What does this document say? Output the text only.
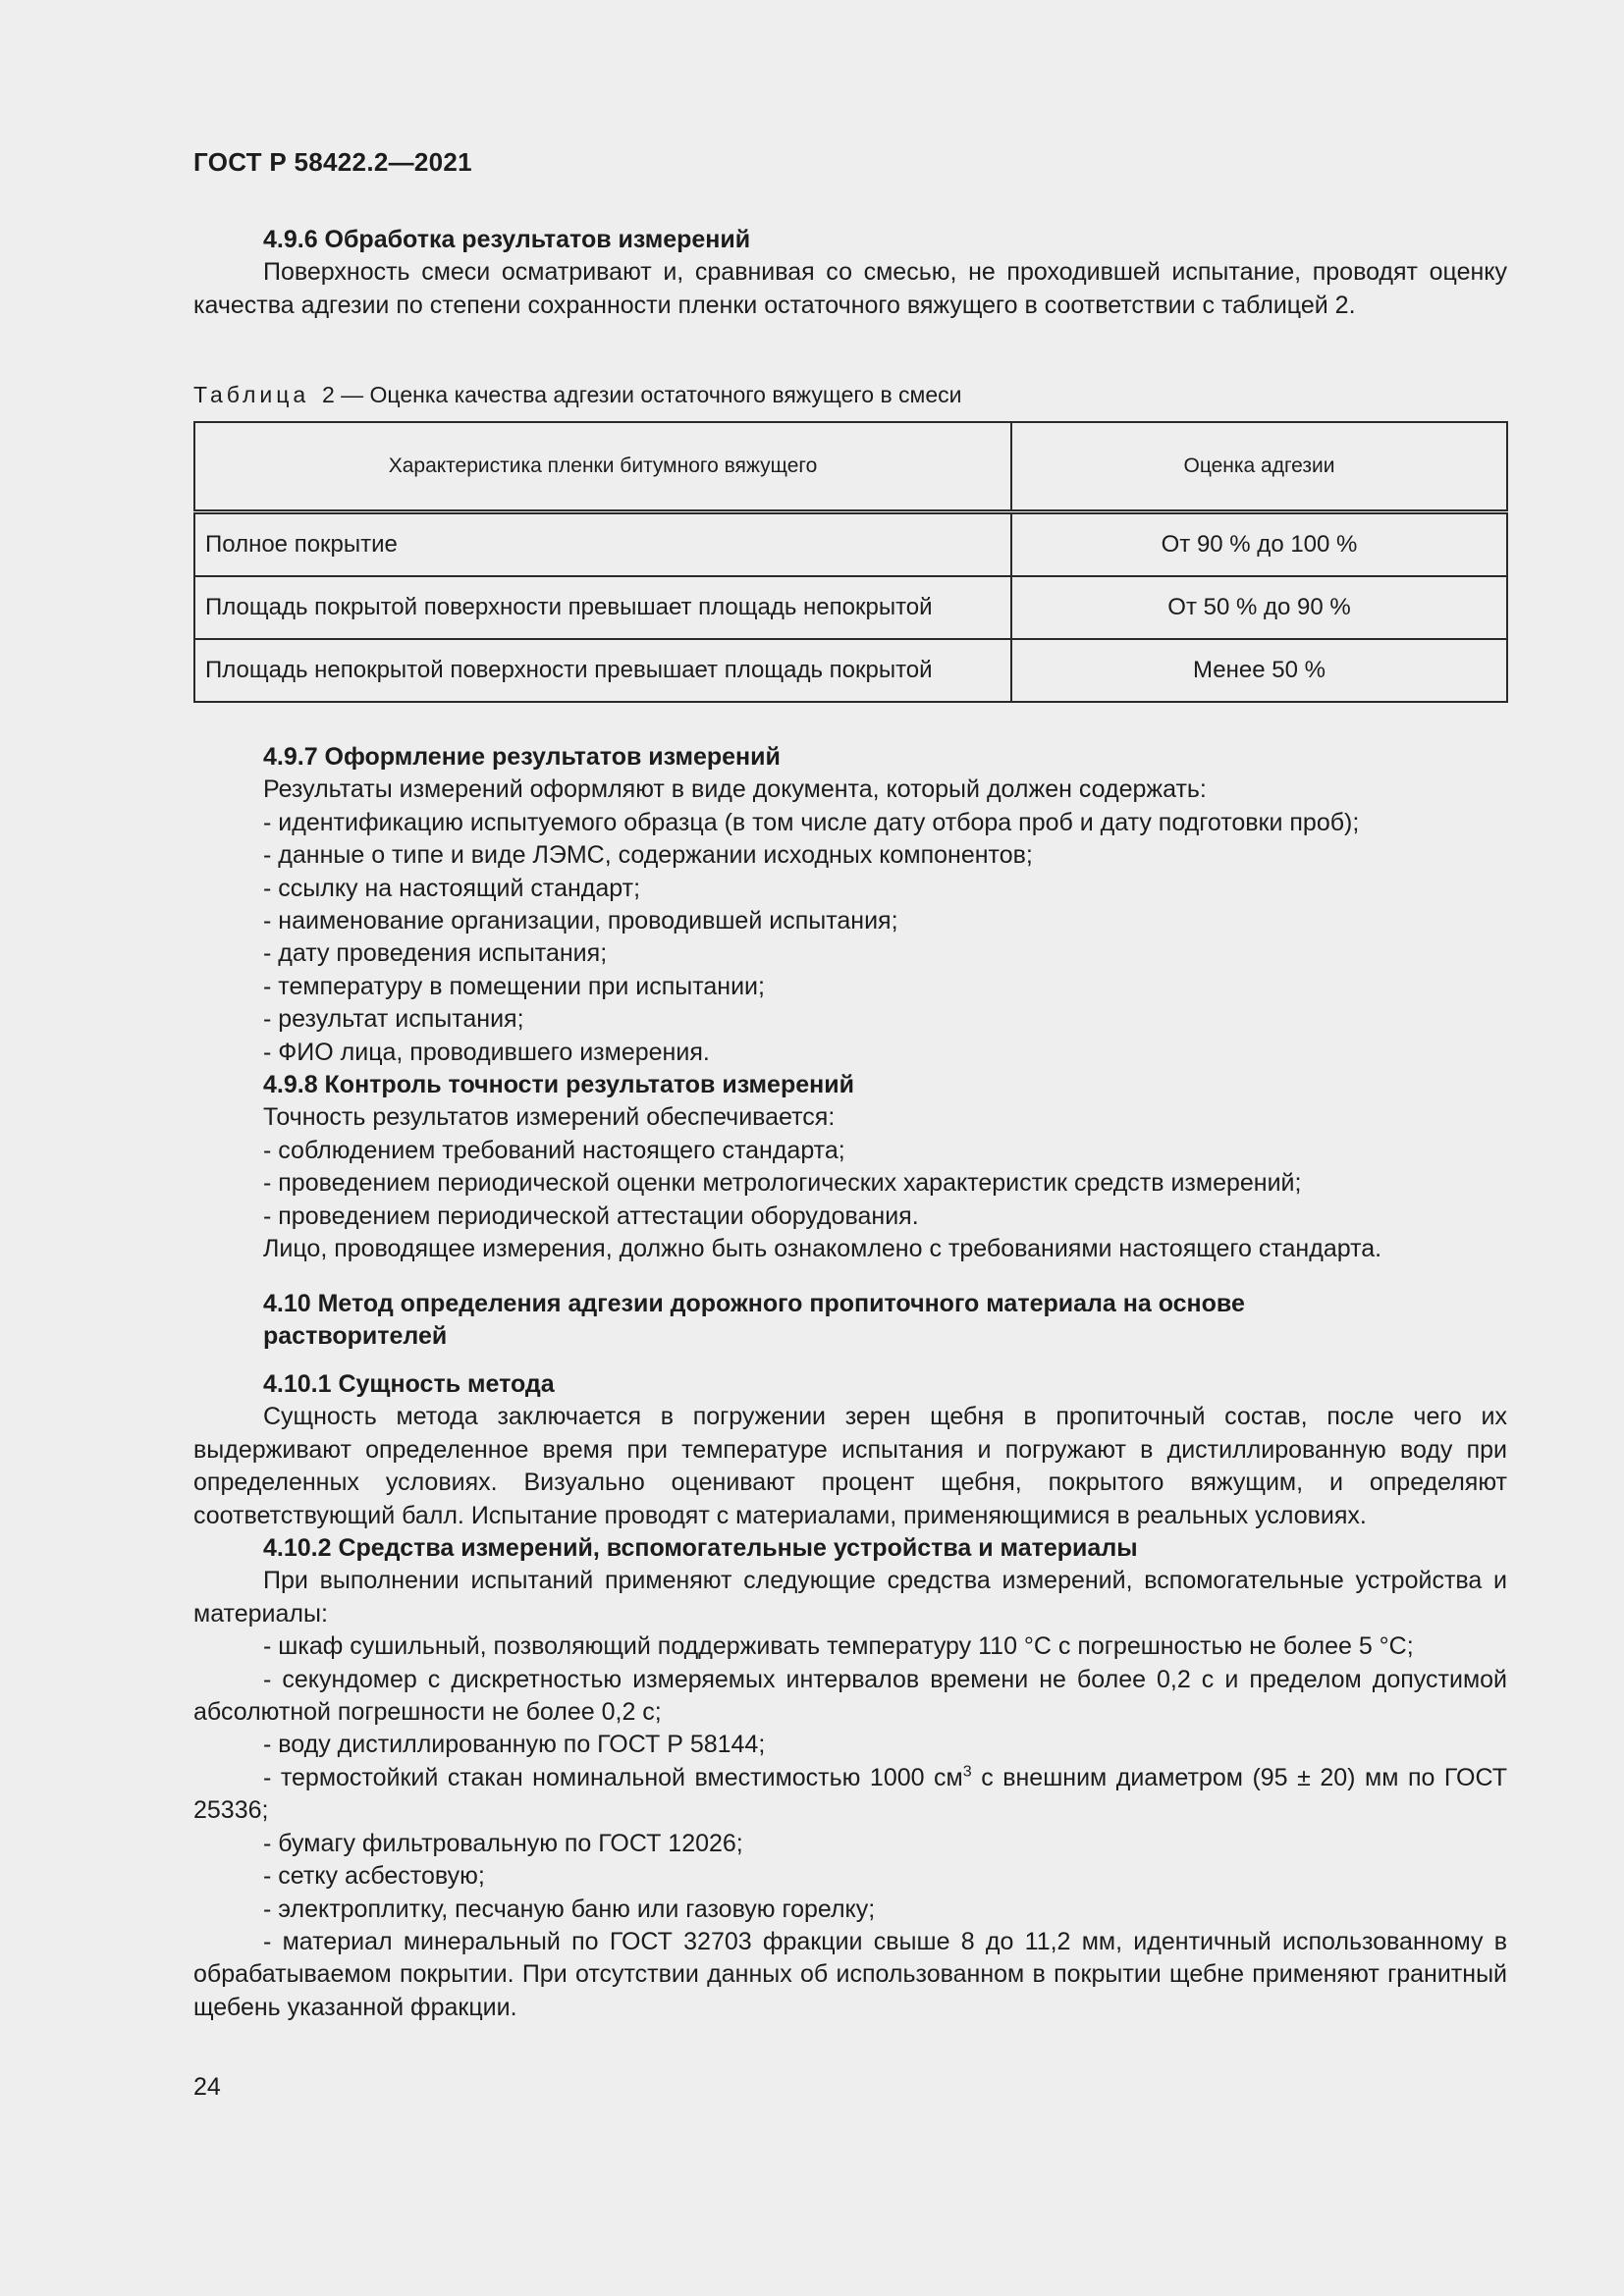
ГОСТ Р 58422.2—2021

4.9.6 Обработка результатов измерений

Поверхность смеси осматривают и, сравнивая со смесью, не проходившей испытание, проводят оценку качества адгезии по степени сохранности пленки остаточного вяжущего в соответствии с таблицей 2.

Таблица 2 — Оценка качества адгезии остаточного вяжущего в смеси
Характеристика пленки битумного вяжущего	Оценка адгезии
Полное покрытие	От 90 % до 100 %
Площадь покрытой поверхности превышает площадь непокрытой	От 50 % до 90 %
Площадь непокрытой поверхности превышает площадь покрытой	Менее 50 %

4.9.7 Оформление результатов измерений

Результаты измерений оформляют в виде документа, который должен содержать:

- идентификацию испытуемого образца (в том числе дату отбора проб и дату подготовки проб);

- данные о типе и виде ЛЭМС, содержании исходных компонентов;

- ссылку на настоящий стандарт;

- наименование организации, проводившей испытания;

- дату проведения испытания;

- температуру в помещении при испытании;

- результат испытания;

- ФИО лица, проводившего измерения.

4.9.8 Контроль точности результатов измерений

Точность результатов измерений обеспечивается:

- соблюдением требований настоящего стандарта;

- проведением периодической оценки метрологических характеристик средств измерений;

- проведением периодической аттестации оборудования.

Лицо, проводящее измерения, должно быть ознакомлено с требованиями настоящего стандарта.

4.10 Метод определения адгезии дорожного пропиточного материала на основе

растворителей

4.10.1 Сущность метода

Сущность метода заключается в погружении зерен щебня в пропиточный состав, после чего их выдерживают определенное время при температуре испытания и погружают в дистиллированную воду при определенных условиях. Визуально оценивают процент щебня, покрытого вяжущим, и определяют соответствующий балл. Испытание проводят с материалами, применяющимися в реальных условиях.

4.10.2 Средства измерений, вспомогательные устройства и материалы

При выполнении испытаний применяют следующие средства измерений, вспомогательные устройства и материалы:

- шкаф сушильный, позволяющий поддерживать температуру 110 °С с погрешностью не более 5 °С;

- секундомер с дискретностью измеряемых интервалов времени не более 0,2 с и пределом допустимой абсолютной погрешности не более 0,2 с;

- воду дистиллированную по ГОСТ Р 58144;

- термостойкий стакан номинальной вместимостью 1000 $см^3$ с внешним диаметром (95 ± 20) мм по ГОСТ 25336;

- бумагу фильтровальную по ГОСТ 12026;

- сетку асбестовую;

- электроплитку, песчаную баню или газовую горелку;

- материал минеральный по ГОСТ 32703 фракции свыше 8 до 11,2 мм, идентичный использованному в обрабатываемом покрытии. При отсутствии данных об использованном в покрытии щебне применяют гранитный щебень указанной фракции.

24
